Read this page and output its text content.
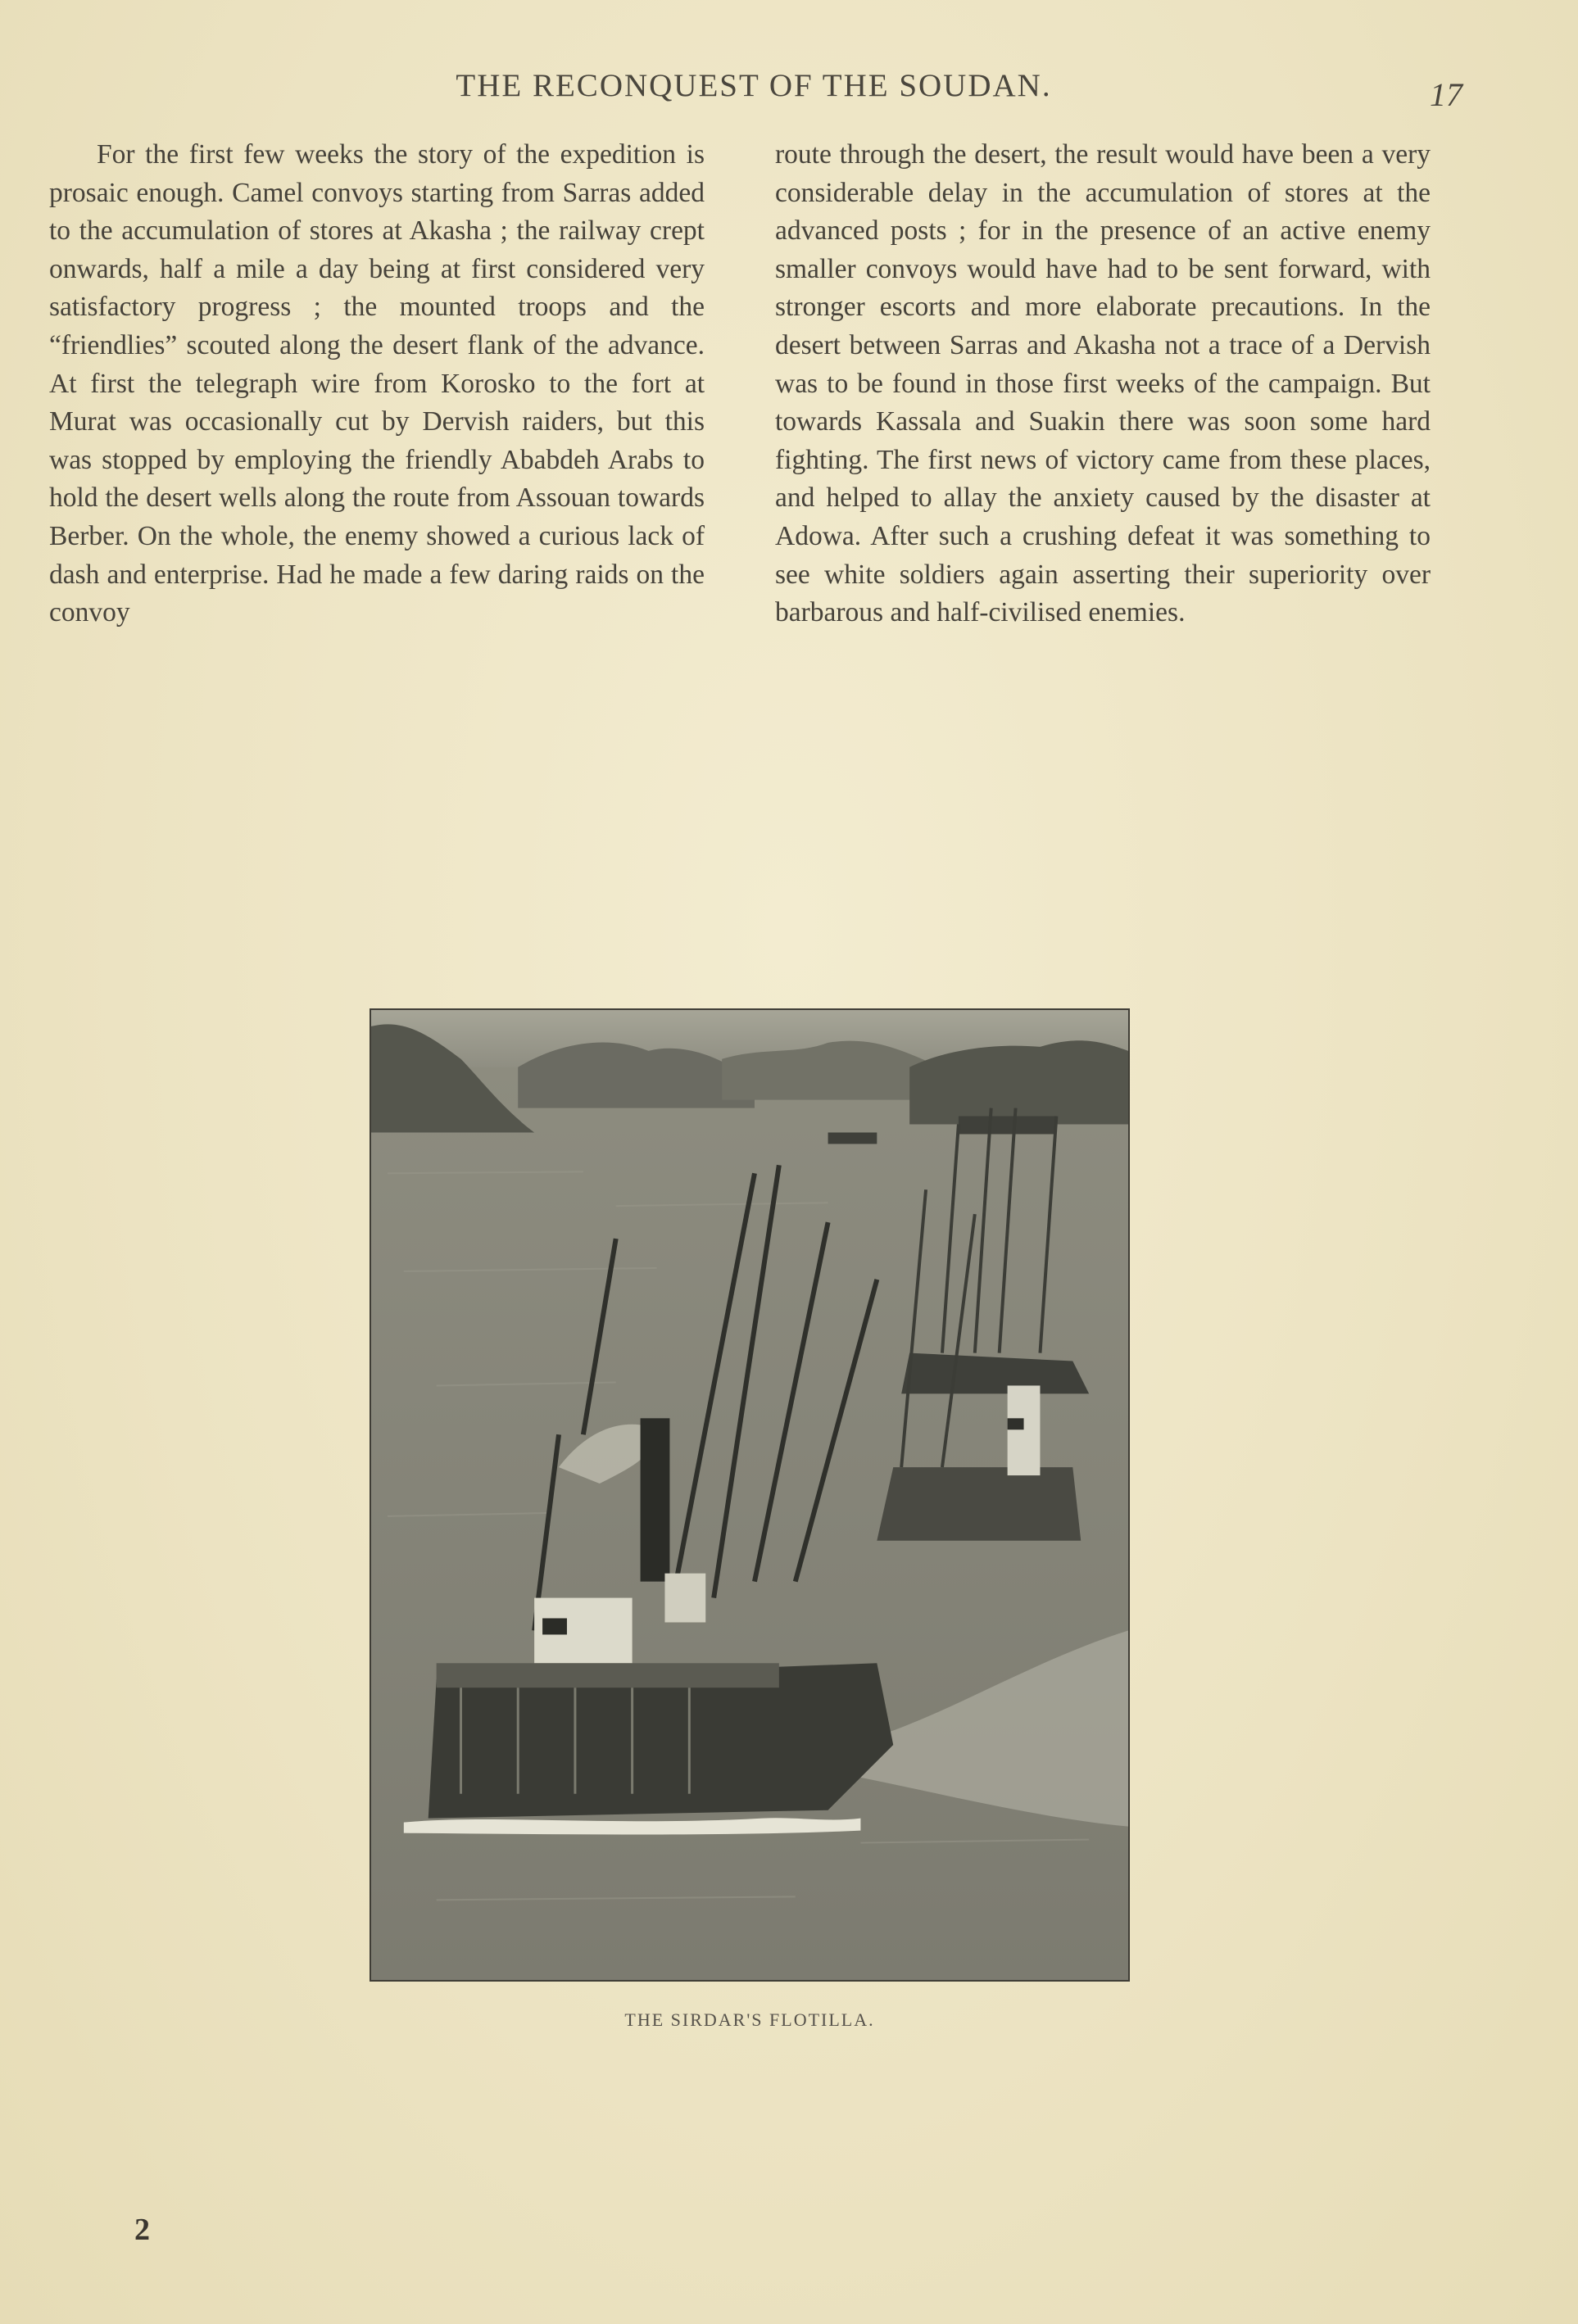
THE RECONQUEST OF THE SOUDAN.	17

For the first few weeks the story of the expedition is prosaic enough. Camel convoys starting from Sarras added to the accumulation of stores at Akasha ; the railway crept onwards, half a mile a day being at first considered very satisfactory progress ; the mounted troops and the “friendlies” scouted along the desert flank of the advance. At first the telegraph wire from Korosko to the fort at Murat was occasionally cut by Dervish raiders, but this was stopped by employing the friendly Ababdeh Arabs to hold the desert wells along the route from Assouan towards Berber. On the whole, the enemy showed a curious lack of dash and enterprise. Had he made a few daring raids on the convoy

route through the desert, the result would have been a very considerable delay in the accumulation of stores at the advanced posts ; for in the presence of an active enemy smaller convoys would have had to be sent forward, with stronger escorts and more elaborate precautions. In the desert between Sarras and Akasha not a trace of a Dervish was to be found in those first weeks of the campaign. But towards Kassala and Suakin there was soon some hard fighting. The first news of victory came from these places, and helped to allay the anxiety caused by the disaster at Adowa. After such a crushing defeat it was something to see white soldiers again asserting their superiority over barbarous and half-civilised enemies.

THE SIRDAR'S FLOTILLA.
2
